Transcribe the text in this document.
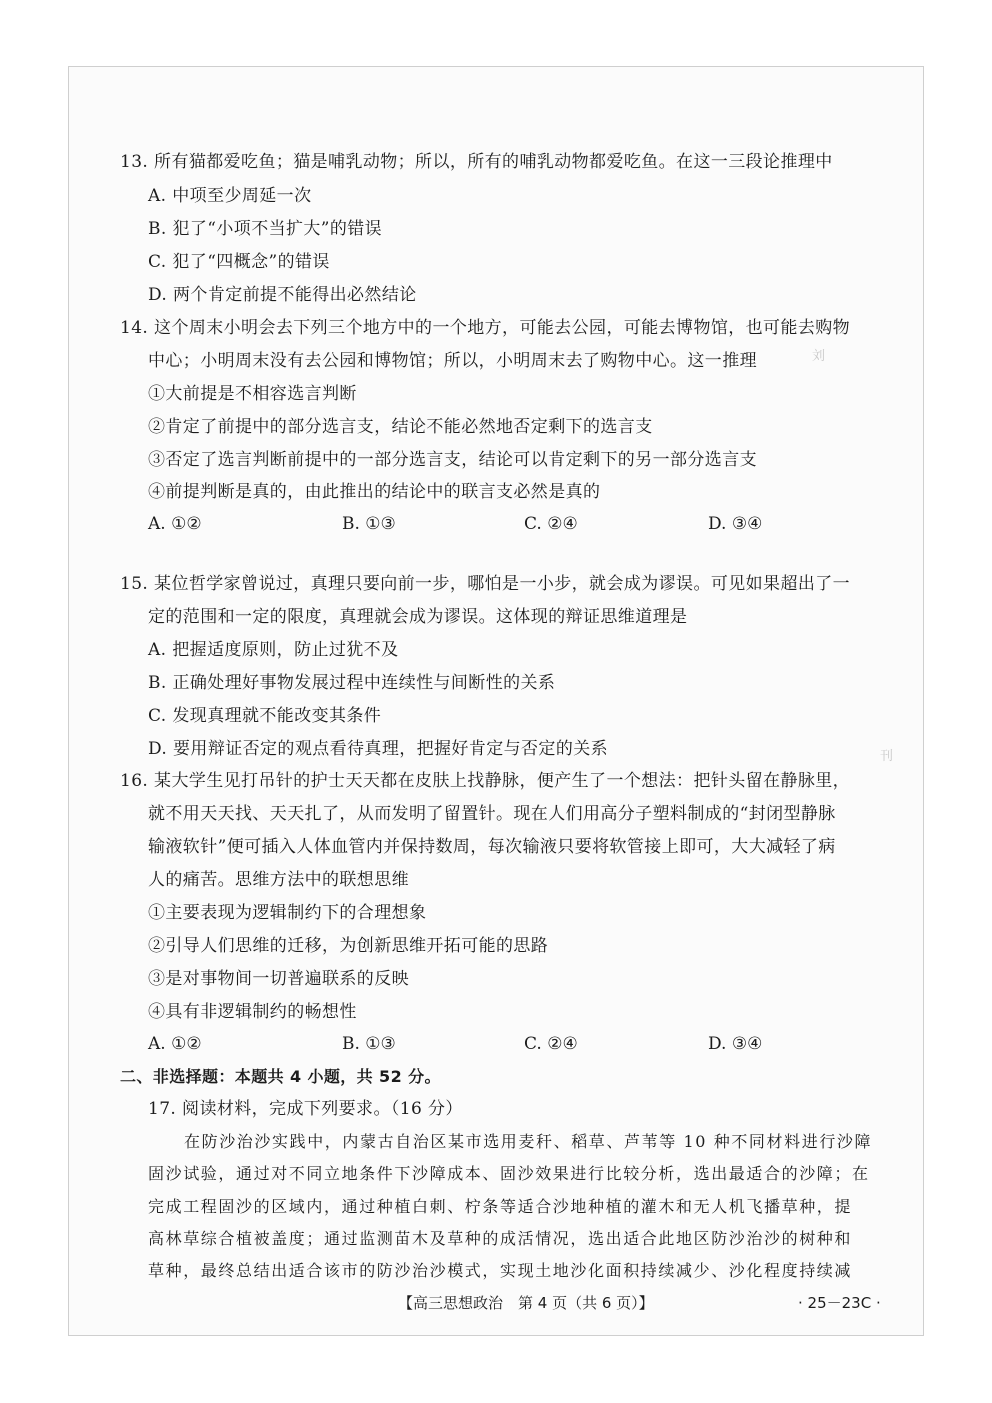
刘
刊
13. 所有猫都爱吃鱼；猫是哺乳动物；所以，所有的哺乳动物都爱吃鱼。在这一三段论推理中
A. 中项至少周延一次
B. 犯了“小项不当扩大”的错误
C. 犯了“四概念”的错误
D. 两个肯定前提不能得出必然结论
14. 这个周末小明会去下列三个地方中的一个地方，可能去公园，可能去博物馆，也可能去购物
中心；小明周末没有去公园和博物馆；所以，小明周末去了购物中心。这一推理
①大前提是不相容选言判断
②肯定了前提中的部分选言支，结论不能必然地否定剩下的选言支
③否定了选言判断前提中的一部分选言支，结论可以肯定剩下的另一部分选言支
④前提判断是真的，由此推出的结论中的联言支必然是真的
A. ①②	B. ①③	C. ②④	D. ③④
15. 某位哲学家曾说过，真理只要向前一步，哪怕是一小步，就会成为谬误。可见如果超出了一
定的范围和一定的限度，真理就会成为谬误。这体现的辩证思维道理是
A. 把握适度原则，防止过犹不及
B. 正确处理好事物发展过程中连续性与间断性的关系
C. 发现真理就不能改变其条件
D. 要用辩证否定的观点看待真理，把握好肯定与否定的关系
16. 某大学生见打吊针的护士天天都在皮肤上找静脉，便产生了一个想法：把针头留在静脉里，
就不用天天找、天天扎了，从而发明了留置针。现在人们用高分子塑料制成的“封闭型静脉
输液软针”便可插入人体血管内并保持数周，每次输液只要将软管接上即可，大大减轻了病
人的痛苦。思维方法中的联想思维
①主要表现为逻辑制约下的合理想象
②引导人们思维的迁移，为创新思维开拓可能的思路
③是对事物间一切普遍联系的反映
④具有非逻辑制约的畅想性
A. ①②	B. ①③	C. ②④	D. ③④
二、非选择题：本题共 4 小题，共 52 分。
17. 阅读材料，完成下列要求。（16 分）
在防沙治沙实践中，内蒙古自治区某市选用麦秆、稻草、芦苇等 10 种不同材料进行沙障
固沙试验，通过对不同立地条件下沙障成本、固沙效果进行比较分析，选出最适合的沙障；在
完成工程固沙的区域内，通过种植白刺、柠条等适合沙地种植的灌木和无人机飞播草种，提
高林草综合植被盖度；通过监测苗木及草种的成活情况，选出适合此地区防沙治沙的树种和
草种，最终总结出适合该市的防沙治沙模式，实现土地沙化面积持续减少、沙化程度持续减
【高三思想政治　第 4 页（共 6 页）】	· 25－23C ·
